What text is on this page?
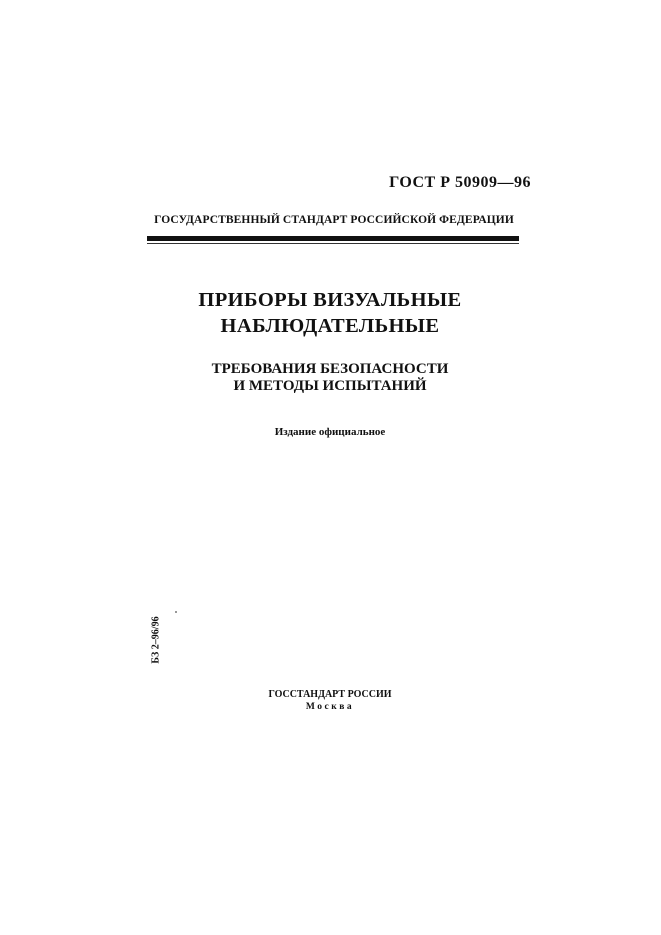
ГОСТ Р 50909—96
ГОСУДАРСТВЕННЫЙ СТАНДАРТ РОССИЙСКОЙ ФЕДЕРАЦИИ
ПРИБОРЫ ВИЗУАЛЬНЫЕ
НАБЛЮДАТЕЛЬНЫЕ
ТРЕБОВАНИЯ БЕЗОПАСНОСТИ
И МЕТОДЫ ИСПЫТАНИЙ
Издание официальное
БЗ 2–96/96
ГОССТАНДАРТ РОССИИ
Москва
